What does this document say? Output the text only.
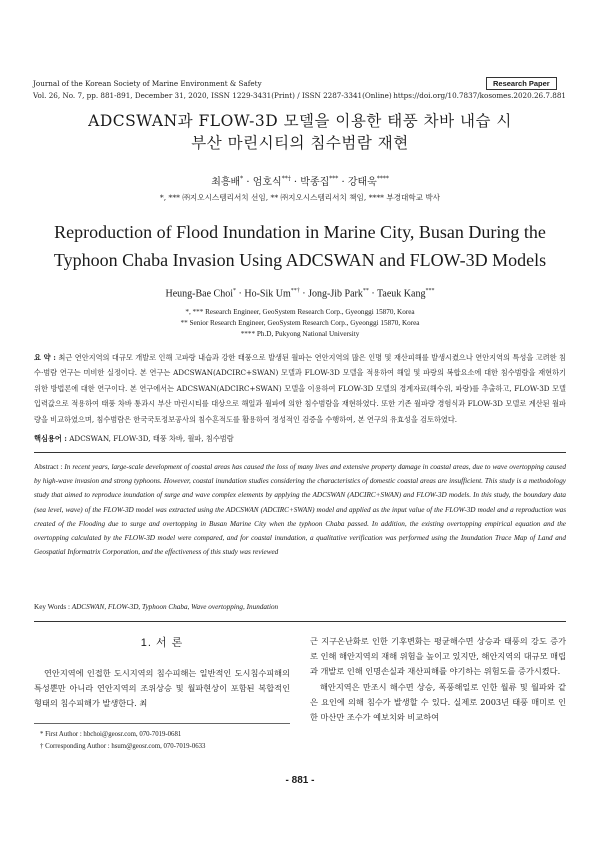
Journal of the Korean Society of Marine Environment & Safety	Research Paper
Vol. 26, No. 7, pp. 881-891, December 31, 2020, ISSN 1229-3431(Print) / ISSN 2287-3341(Online) https://doi.org/10.7837/kosomes.2020.26.7.881
ADCSWAN과 FLOW-3D 모델을 이용한 태풍 차바 내습 시
부산 마린시티의 침수범람 재현
최흥배* · 엄호식**† · 박종집*** · 강태욱****
*, *** ㈜지오시스템리서치 선임, ** ㈜지오시스템리서치 책임, **** 부경대학교 박사
Reproduction of Flood Inundation in Marine City, Busan During the
Typhoon Chaba Invasion Using ADCSWAN and FLOW-3D Models
Heung-Bae Choi* · Ho-Sik Um**† · Jong-Jib Park** · Taeuk Kang***
*, *** Research Engineer, GeoSystem Research Corp., Gyeonggi 15870, Korea
** Senior Research Engineer, GeoSystem Research Corp., Gyeonggi 15870, Korea
**** Ph.D, Pukyong National University
요 약 : 최근 연안지역의 대규모 개발로 인해 고파랑 내습과 강한 태풍으로 발생된 월파는 연안지역의 많은 인명 및 재산피해를 발생시켰으나 연안지역의 특성을 고려한 침수·범람 연구는 미비한 실정이다. 본 연구는 ADCSWAN(ADCIRC+SWAN) 모델과 FLOW-3D 모델을 적용하여 해일 및 파랑의 복합요소에 대한 침수범람을 재현하기 위한 방법론에 대한 연구이다. 본 연구에서는 ADCSWAN(ADCIRC+SWAN) 모델을 이용하여 FLOW-3D 모델의 경계자료(해수위, 파랑)를 추출하고, FLOW-3D 모델 입력값으로 적용하여 태풍 차바 통과시 부산 마린시티를 대상으로 해일과 월파에 의한 침수범람을 재현하였다. 또한 기존 월파량 경험식과 FLOW-3D 모델로 계산된 월파량을 비교하였으며, 침수범람은 한국국토정보공사의 침수흔적도를 활용하여 정성적인 검증을 수행하여, 본 연구의 유효성을 검토하였다.
핵심용어 : ADCSWAN, FLOW-3D, 태풍 차바, 월파, 침수범람
Abstract : In recent years, large-scale development of coastal areas has caused the loss of many lives and extensive property damage in coastal areas, due to wave overtopping caused by high-wave invasion and strong typhoons. However, coastal inundation studies considering the characteristics of domestic coastal areas are insufficient. This study is a methodology study that aimed to reproduce inundation of surge and wave complex elements by applying the ADCSWAN (ADCIRC+SWAN) and FLOW-3D models. In this study, the boundary data (sea level, wave) of the FLOW-3D model was extracted using the ADCSWAN (ADCIRC+SWAN) model and applied as the input value of the FLOW-3D model and a reproduction was created of the Flooding due to surge and overtopping in Busan Marine City when the typhoon Chaba passed. In addition, the existing overtopping empirical equation and the overtopping calculated by the FLOW-3D model were compared, and for coastal inundation, a qualitative verification was performed using the Inundation Trace Map of Land and Geospatial Informatrix Corporation, and the effectiveness of this study was reviewed
Key Words : ADCSWAN, FLOW-3D, Typhoon Chaba, Wave overtopping, Inundation
1. 서 론
연안지역에 인접한 도시지역의 침수피해는 일반적인 도시침수피해의 특성뿐만 아니라 연안지역의 조위상승 및 월파현상이 포함된 복합적인 형태의 침수피해가 발생한다. 최
* First Author : hbchoi@geosr.com, 070-7019-0681
† Corresponding Author : hsum@geosr.com, 070-7019-0633
근 지구온난화로 인한 기후변화는 평균해수면 상승과 태풍의 강도 증가로 인해 해안지역의 재해 위험을 높이고 있지만, 해안지역의 대규모 매립과 개발로 인해 인명손실과 재산피해를 야기하는 위험도를 증가시켰다.
해안지역은 만조시 해수면 상승, 폭풍해일로 인한 월류 및 월파와 같은 요인에 의해 침수가 발생할 수 있다. 실제로 2003년 태풍 매미로 인한 마산만 조수가 예보치와 비교하여
- 881 -
